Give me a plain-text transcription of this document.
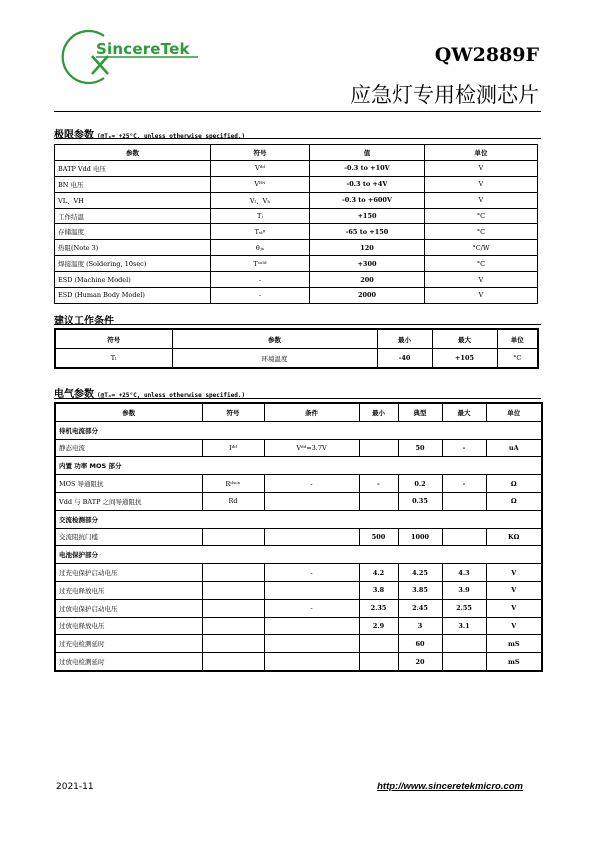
SincereTek	QW2889F
应急灯专用检测芯片
极限参数 (@Tₐ= +25°C, unless otherwise specified.)
参数	符号	值	单位
BATP Vdd 电压	Vᵈᵈ	-0.3 to +10V	V
BN 电压	Vᴮᴺ	-0.3 to +4V	V
VL、VH	Vₗ、Vₕ	-0.3 to +600V	V
工作结温	Tⱼ	+150	°C
存储温度	Tₛₜᵍ	-65 to +150	°C
热阻(Note 3)	θⱼₐ	120	°C/W
焊接温度 (Soldering, 10sec)	Tˢᵒˡᵈ	+300	°C
ESD (Machine Model)	-	200	V
ESD (Human Body Model)	-	2000	V
建议工作条件
符号	参数	最小	最大	单位
Tₗ	环境温度	-40	+105	°C
电气参数 (@Tₐ= +25°C, unless otherwise specified.)
参数	符号	条件	最小	典型	最大	单位
待机电流部分						
静态电流	Iᵈᵈ	Vᵈᵈ=3.7V		50	-	uA
内置 功率 MOS 部分						
MOS 导通阻抗	Rᵈˢᵒⁿ	-	-	0.2	-	Ω
Vdd 与 BATP 之间导通阻抗	Rd			0.35		Ω
交流检测部分						
交流阻抗门槛			500	1000		KΩ
电池保护部分						
过充电保护启动电压		-	4.2	4.25	4.3	V
过充电释放电压			3.8	3.85	3.9	V
过放电保护启动电压		-	2.35	2.45	2.55	V
过放电释放电压			2.9	3	3.1	V
过充电检测延时				60		mS
过放电检测延时				20		mS
2021-11	http://www.sinceretekmicro.com
